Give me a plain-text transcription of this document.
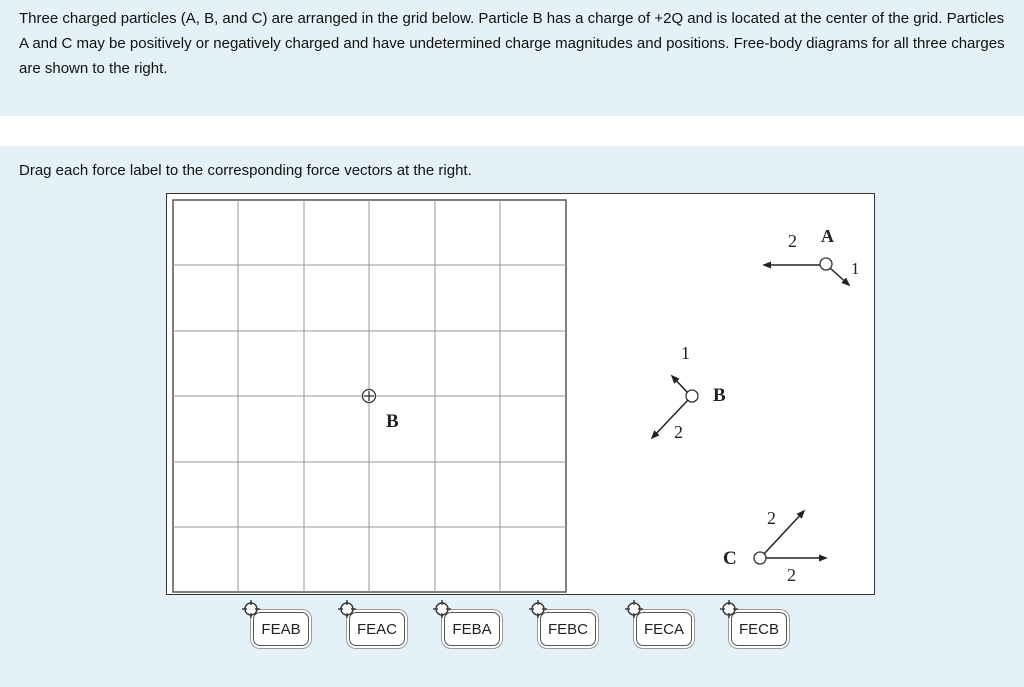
Three charged particles (A, B, and C) are arranged in the grid below. Particle B has a charge of +2Q and is located at the center of the grid. Particles A and C may be positively or negatively charged and have undetermined charge magnitudes and positions. Free-body diagrams for all three charges are shown to the right.

Drag each force label to the corresponding force vectors at the right.
B
A
2
1
B
1
2
C
2
2
FEAB	FEAC	FEBA	FEBC	FECA	FECB
